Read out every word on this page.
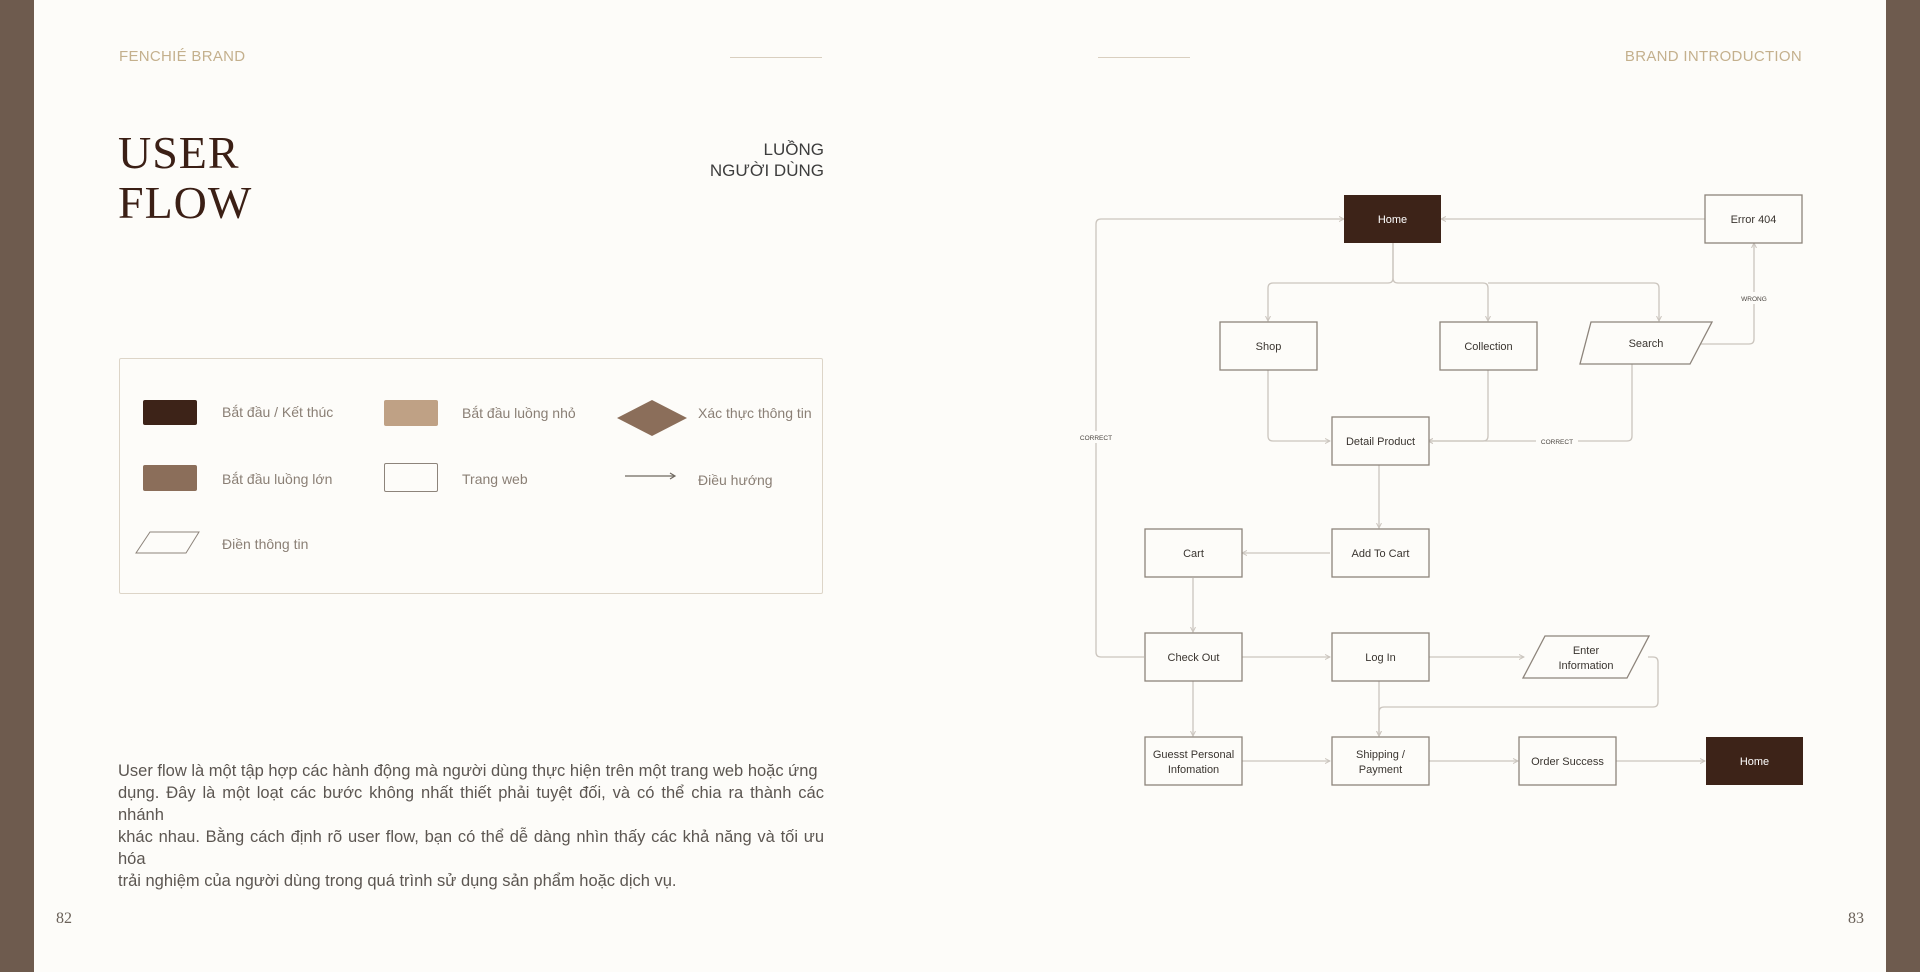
FENCHIÉ BRAND	BRAND INTRODUCTION
USER
FLOW
LUỒNG
NGƯỜI DÙNG
Bắt đầu / Kết thúc	Bắt đầu luồng nhỏ	Xác thực thông tin
Bắt đầu luồng lớn	Trang web	Điều hướng
Điền thông tin
User flow là một tập hợp các hành động mà người dùng thực hiện trên một trang web hoặc ứng
dụng. Đây là một loạt các bước không nhất thiết phải tuyệt đối, và có thể chia ra thành các nhánh
khác nhau. Bằng cách định rõ user flow, bạn có thể dễ dàng nhìn thấy các khả năng và tối ưu hóa
trải nghiệm của người dùng trong quá trình sử dụng sản phẩm hoặc dịch vụ.
82	83
CORRECT
CORRECT
WRONG
Home	Error 404
Shop	Collection	Search
Detail Product
Add To Cart
Cart
Check Out	Log In
Enter
Information
Guesst Personal
Infomation
Shipping /
Payment
Order Success	Home
